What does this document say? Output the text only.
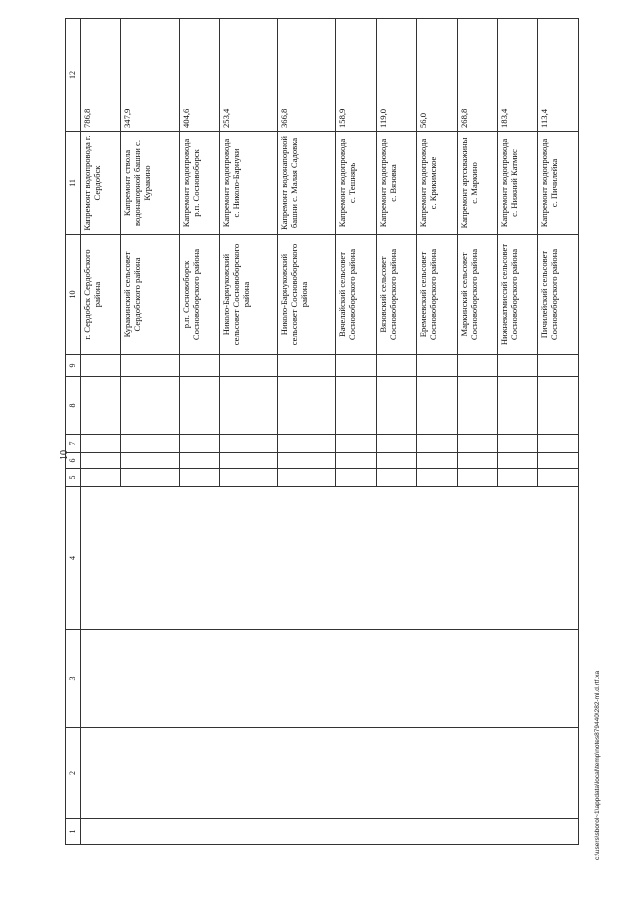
10
1	2	3	4	5	6	7	8	9	10	11	12
									г. Сердобск Сердобского района	Капремонт водопровода г. Сердобск	786,8
									Куракинский сельсовет Сердобского района	Капремонт ствола водонапорной башни с. Куракино	347,9
									р.п. Сосновоборск Сосновоборского района	Капремонт водопровода р.п. Сосновоборск	404,6
									Николо-Барнуковский сельсовет Сосновоборского района	Капремонт водопровода с. Николо-Барнуки	253,4
									Николо-Барнуковский сельсовет Сосновоборского района	Капремонт водонапорной башни с. Малая Садовка	366,8
									Вачелайский сельсовет Сосновоборского района	Капремонт водопровода с. Тешнярь	158,9
									Вязовский сельсовет Сосновоборского района	Капремонт водопровода с. Вязовка	119,0
									Еремеевский сельсовет Сосновоборского района	Капремонт водопровода с. Крикимское	56,0
									Маркинский сельсовет Сосновоборского района	Капремонт артскважины с. Маркино	268,8
									Нижнекатмиссий сельсовет Сосновоборского района	Капремонт водопровода с. Нижний Катмис	183,4
									Пичилейский сельсовет Сосновоборского района	Капремонт водопровода с. Пичилейка	113,4
c:\users\sborol~1\appdata\local\temp\notes879440\282-ml.d.rtf.xa
